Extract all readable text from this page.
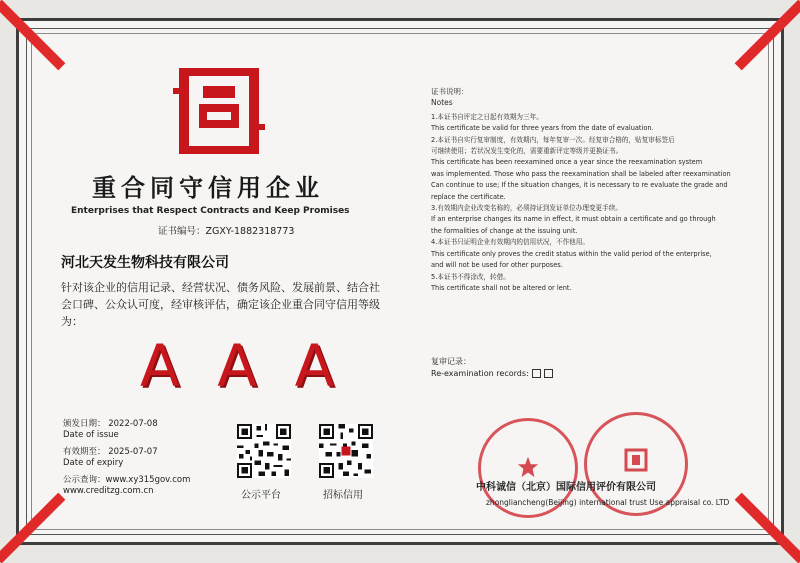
重合同守信用企业
Enterprises that Respect Contracts and Keep Promises
证书编号：ZGXY-1882318773
河北天发生物科技有限公司
针对该企业的信用记录、经营状况、债务风险、发展前景、结合社会口碑、公众认可度，经审核评估，确定该企业重合同守信用等级为：
AAA
颁发日期： 2022-07-08
Date of issue
有效期至： 2025-07-07
Date of expiry
公示查询：www.xy315gov.com
www.creditzg.com.cn	公示平台	招标信用
证书说明：
Notes
1.本证书自评定之日起有效期为三年。
This certificate be valid for three years from the date of evaluation.
2.本证书自实行复审制度，有效期内，每年复审一次。经复审合格的，贴复审标签后
可继续使用；若状况发生变化的，需要重新评定等级并更换证书。
This certificate has been reexamined once a year since the reexamination system
was implemented. Those who pass the reexamination shall be labeled after reexamination
Can continue to use; If the situation changes, it is necessary to re evaluate the grade and
replace the certificate.
3.有效期内企业改变名称的，必须持证到发证单位办理变更手续。
If an enterprise changes its name in effect, it must obtain a certificate and go through
the formalities of change at the issuing unit.
4.本证书只证明企业有效期内的信用状况，不作他用。
This certificate only proves the credit status within the valid period of the enterprise,
and will not be used for other purposes.
5.本证书不得涂改，转借。
This certificate shall not be altered or lent.
复审记录：
Re-examination records:
中科诚信（北京）国际信用评价有限公司
zhongliancheng(Beijing) international trust Use appraisal co. LTD
